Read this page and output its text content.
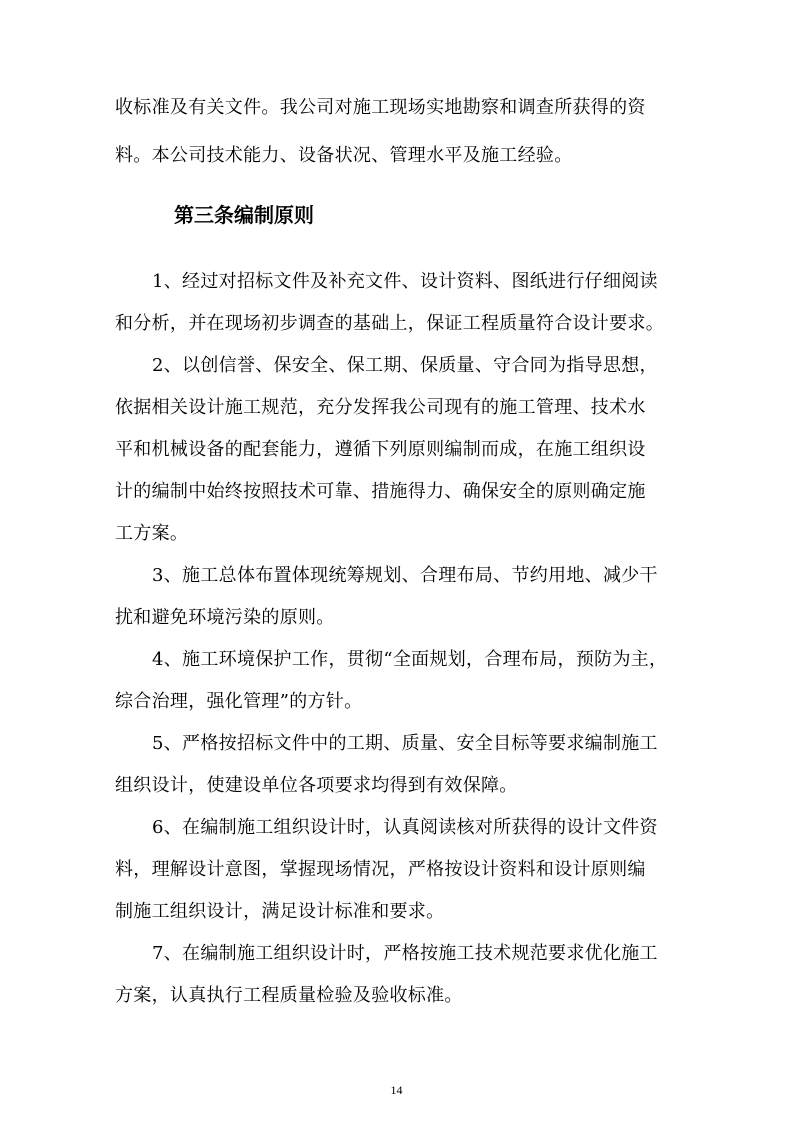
收标准及有关文件。我公司对施工现场实地勘察和调查所获得的资
料。本公司技术能力、设备状况、管理水平及施工经验。
第三条编制原则
1、经过对招标文件及补充文件、设计资料、图纸进行仔细阅读
和分析，并在现场初步调查的基础上，保证工程质量符合设计要求。
2、以创信誉、保安全、保工期、保质量、守合同为指导思想，
依据相关设计施工规范，充分发挥我公司现有的施工管理、技术水
平和机械设备的配套能力，遵循下列原则编制而成，在施工组织设
计的编制中始终按照技术可靠、措施得力、确保安全的原则确定施
工方案。
3、施工总体布置体现统筹规划、合理布局、节约用地、减少干
扰和避免环境污染的原则。
4、施工环境保护工作，贯彻“全面规划，合理布局，预防为主，
综合治理，强化管理”的方针。
5、严格按招标文件中的工期、质量、安全目标等要求编制施工
组织设计，使建设单位各项要求均得到有效保障。
6、在编制施工组织设计时，认真阅读核对所获得的设计文件资
料，理解设计意图，掌握现场情况，严格按设计资料和设计原则编
制施工组织设计，满足设计标准和要求。
7、在编制施工组织设计时，严格按施工技术规范要求优化施工
方案，认真执行工程质量检验及验收标准。
14
